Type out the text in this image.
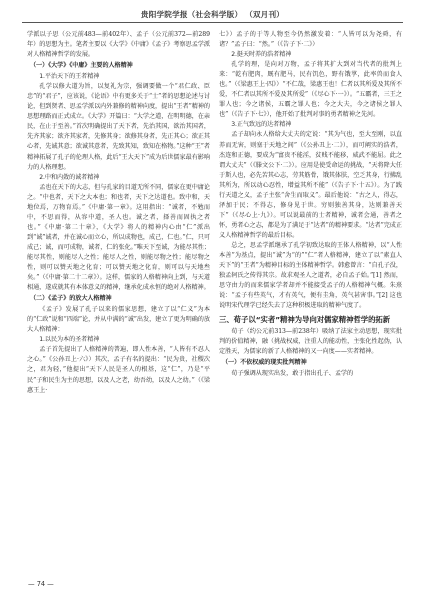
贵阳学院学报（社会科学版） （双月刊）

学派以子思（公元前483—前402年）、孟子（公元前372—前289年）的思想为主。笔者主要以《大学》《中庸》《孟子》考察思孟学派对人格精神哲学的发展。

（一）《大学》《中庸》主要的人格精神
1.平治天下的王者精神

孔学以修大道为旨，以复礼为宗，强调要做一个“君仁政、臣忠”的“君子”，应该说，《论语》中有更多关于“士”者的思想论述与讨论，但到贤者、思孟学派以内外兼修的精神向度，提出“王者”精神的思想理路而正式成立。《大学》开篇曰：“大学之道，在明明德，在亲民，在止于至善。”首次明确提出了天下者，先治其国，欲治其国者，先齐其家；欲齐其家者，先修其身；欲修其身者，先正其心；欲正其心者，先诚其意；欲诚其意者，先致其知，致知在格物。”这种“王”者精神拓展了孔子的伦理人格，此后“王大天下”成为后世儒家最有影响力的人格理想。

2.中和内敛的诚者精神

孟也在天下的大志，但与孔家的目道无所不同，儒家在更中庸论之。“中也者，天下之大本也；和也者，天下之达道也。致中和，天地位焉，万物育焉。”《中庸·第一章》。这用指出：“诚者，不勉而中，不思而得，从容中道，圣人也。诚之者，择善而固执之者也。”《中庸·第二十章》，《大学》将人的精神内心由“仁”派出到“诚”诚者，并在诚心而立心，所以成物也，成己，仁也。”仁，只可成己；诚，而可成物，诚者，仁的张化。”唯天下至诚，为能尽其性；能尽其性，则能尽人之性；能尽人之性，则能尽物之性；能尽物之性，则可以赞天地之化育；可以赞天地之化育，则可以与天地叁矣。”（《中庸·第二十二章》）。这样，儒家的人格精神向上到，与天道相通，遂成就其有本体意义的精神，继承化成永恒的绝对人格精神。

（二）《孟子》的放大人格精神

《孟子》发展了孔子以来的儒家思想，建立了以“仁义”为本的“仁政”说和“四端”论，并从中满的“诚”出发，建立了更为明确的放大人格精神：

1.以民为本的圣者精神

孟子首先提出了人格精神的普遍，即人性本善，“人皆有不忍人之心。”《公孙丑上·六》）其次，孟子有名的提出：“民为贵，社稷次之，君为轻，”他提出“天下人民是圣人的根基，这“仁”，乃是“平民”子和民生为主的思想，以及人之老，幼吾幼，以及人之幼。”（《梁惠王上·

七》）孟子的于等人物至今仍然激发着：“人皆可以为尧舜，有诸？”孟子曰：“然。”（《告子下·二》）

2.挺天时养的浩者精神

孔学的理，是向对万物，孟子将其扩大到对当代者的批判上来：“乾有肥肉，厩有肥马，民有饥色，野有饿莩，此率兽而食人也。”（《梁惠王上·四》）“不仁哉，梁惠王也！仁者以其所爱及其所不爱，不仁者以其所不爱及其所爱”（《尽心下·一》）。“五霸者，三王之罪人也；今之诸侯，五霸之罪人也；今之大夫，今之诸侯之罪人也”（《告子下·七》），他开始了批判对事的勇者精神之先河。

3.正气致远的达者精神

孟子却向永人格给大丈夫的定说：“其为气也，至大至刚，以直养而无害，则塞于天地之间”（《公孙丑上·二》），而可阐实的浩者，杰连和正德，要成为“富贵不能淫，贫贱不能移，威武不能屈。此之谓大丈夫”（《滕文公下·二》）。应用是使受命运的挑战，“天将降大任于斯人也，必先苦其心志，劳其筋骨，饿其体肤，空乏其身，行拂乱其所为，所以动心忍性，增益其所不能”（《告子下·十五》）。为了践行天道之义，孟子主张“舍生而取义”。最后他说：“古之人，得志，泽加于民；不得志，修身见于世。穷则独善其身，达则兼善天下”（《尽心上·九》）。可以说最前的士者精神，诚者会通，善者之怀，勇者心之志，都是为了满足于“达者”的精神要求。“达者”完成正义人格精神哲学的最后目标。

总之，思孟学派继承了孔学初致达取的王体人格精神，以“人性本善”为基点，提出“诚”为“的”“仁”者人格精神，建立了以“素直人天下”的“王者”为精神目标的主体精神哲学。韩愈曾言：“自孔子没，独孟轲氏之传得其宗。故求观圣人之道者，必自孟子始。”[1] 然而，思守由力的而来儒家学者却并不能接受孟子的人格精神气概。朱熹说：“孟子有些英气，才有英气，便有圭角，英气甚害事。”[2] 这也说明宋代理学已经失去了这种积极进取的精神气度了。

三、荀子以“实者”精神为导向对儒家精神哲学的拓新

荀子（约公元前313—前238年）吸纳了法家主动思想，现实批判的价值精神，融（挑战权威，注重人的能动性，主张化性起伪，认定胜天，为儒家的新了人格精神的又一向度——实者精神。

（一）不依权威的现实批判精神

荀子强调从现实出发，敢于指出孔子、孟学的

— 74 —
